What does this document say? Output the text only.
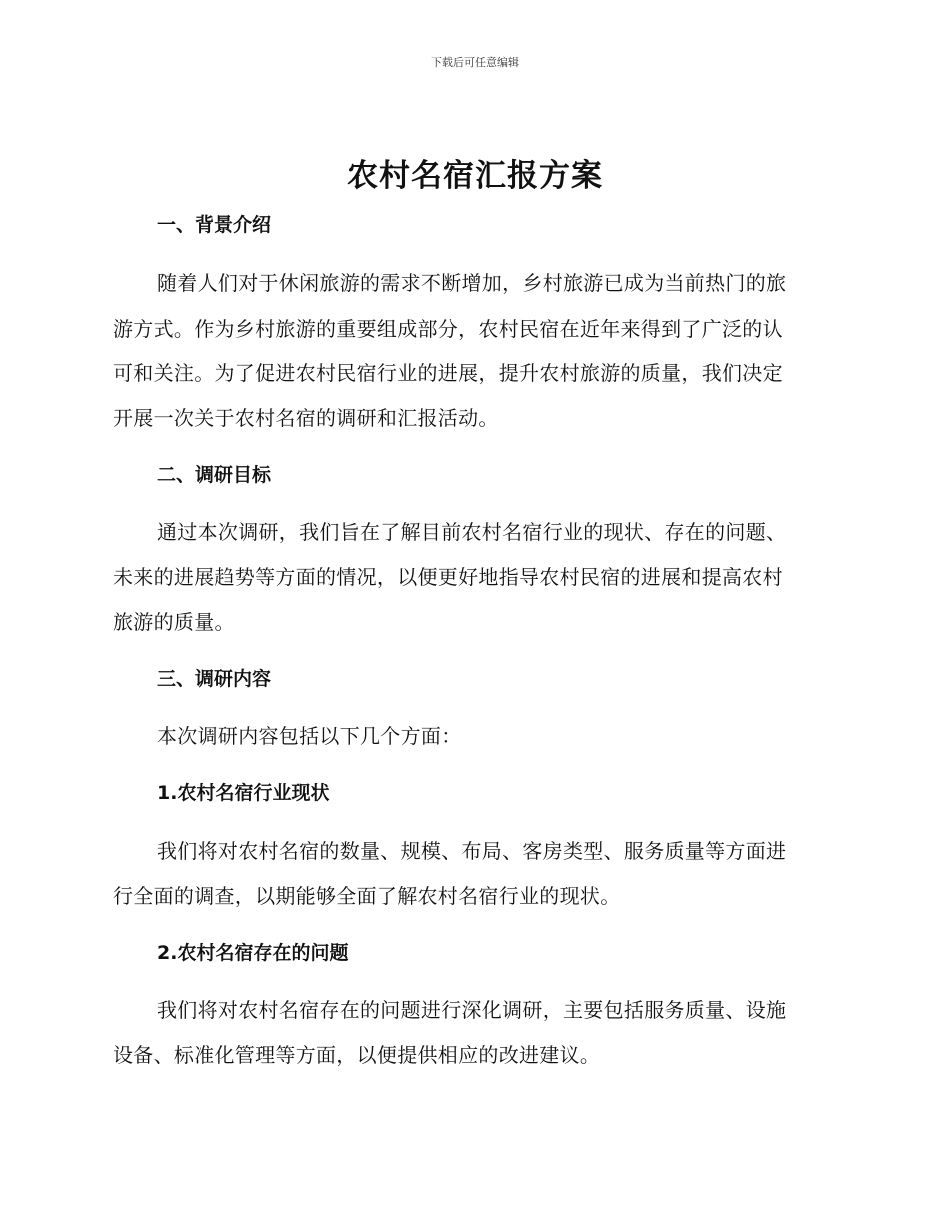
下载后可任意编辑
农村名宿汇报方案
一、背景介绍
随着人们对于休闲旅游的需求不断增加，乡村旅游已成为当前热门的旅
游方式。作为乡村旅游的重要组成部分，农村民宿在近年来得到了广泛的认
可和关注。为了促进农村民宿行业的进展，提升农村旅游的质量，我们决定
开展一次关于农村名宿的调研和汇报活动。
二、调研目标
通过本次调研，我们旨在了解目前农村名宿行业的现状、存在的问题、
未来的进展趋势等方面的情况，以便更好地指导农村民宿的进展和提高农村
旅游的质量。
三、调研内容
本次调研内容包括以下几个方面：
1.农村名宿行业现状
我们将对农村名宿的数量、规模、布局、客房类型、服务质量等方面进
行全面的调查，以期能够全面了解农村名宿行业的现状。
2.农村名宿存在的问题
我们将对农村名宿存在的问题进行深化调研，主要包括服务质量、设施
设备、标准化管理等方面，以便提供相应的改进建议。
